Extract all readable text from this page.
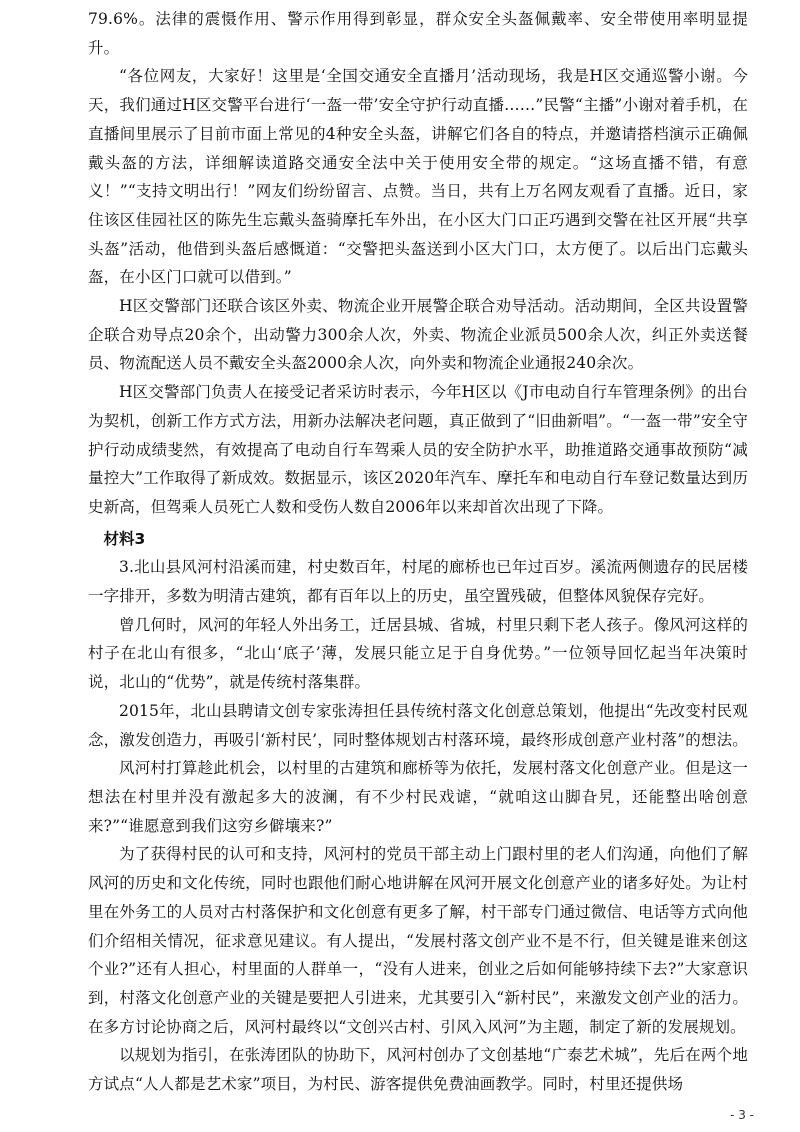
79.6%。法律的震慑作用、警示作用得到彰显，群众安全头盔佩戴率、安全带使用率明显提升。

“各位网友，大家好！这里是‘全国交通安全直播月’活动现场，我是H区交通巡警小谢。今天，我们通过H区交警平台进行‘一盔一带’安全守护行动直播……”民警“主播”小谢对着手机，在直播间里展示了目前市面上常见的4种安全头盔，讲解它们各自的特点，并邀请搭档演示正确佩戴头盔的方法，详细解读道路交通安全法中关于使用安全带的规定。“这场直播不错，有意义！”“支持文明出行！”网友们纷纷留言、点赞。当日，共有上万名网友观看了直播。近日，家住该区佳园社区的陈先生忘戴头盔骑摩托车外出，在小区大门口正巧遇到交警在社区开展“共享头盔”活动，他借到头盔后感慨道：“交警把头盔送到小区大门口，太方便了。以后出门忘戴头盔，在小区门口就可以借到。”

H区交警部门还联合该区外卖、物流企业开展警企联合劝导活动。活动期间，全区共设置警企联合劝导点20余个，出动警力300余人次，外卖、物流企业派员500余人次，纠正外卖送餐员、物流配送人员不戴安全头盔2000余人次，向外卖和物流企业通报240余次。

H区交警部门负责人在接受记者采访时表示，今年H区以《J市电动自行车管理条例》的出台为契机，创新工作方式方法，用新办法解决老问题，真正做到了“旧曲新唱”。“一盔一带”安全守护行动成绩斐然，有效提高了电动自行车驾乘人员的安全防护水平，助推道路交通事故预防“减量控大”工作取得了新成效。数据显示，该区2020年汽车、摩托车和电动自行车登记数量达到历史新高，但驾乘人员死亡人数和受伤人数自2006年以来却首次出现了下降。

材料3

3.北山县风河村沿溪而建，村史数百年，村尾的廊桥也已年过百岁。溪流两侧遗存的民居楼一字排开，多数为明清古建筑，都有百年以上的历史，虽空置残破，但整体风貌保存完好。

曾几何时，风河的年轻人外出务工，迁居县城、省城，村里只剩下老人孩子。像风河这样的村子在北山有很多，“北山‘底子’薄，发展只能立足于自身优势。”一位领导回忆起当年决策时说，北山的“优势”，就是传统村落集群。

2015年，北山县聘请文创专家张涛担任县传统村落文化创意总策划，他提出“先改变村民观念，激发创造力，再吸引‘新村民’，同时整体规划古村落环境，最终形成创意产业村落”的想法。

风河村打算趁此机会，以村里的古建筑和廊桥等为依托，发展村落文化创意产业。但是这一想法在村里并没有激起多大的波澜，有不少村民戏谑，“就咱这山脚旮旯，还能整出啥创意来?”“谁愿意到我们这穷乡僻壤来?”

为了获得村民的认可和支持，风河村的党员干部主动上门跟村里的老人们沟通，向他们了解风河的历史和文化传统，同时也跟他们耐心地讲解在风河开展文化创意产业的诸多好处。为让村里在外务工的人员对古村落保护和文化创意有更多了解，村干部专门通过微信、电话等方式向他们介绍相关情况，征求意见建议。有人提出，“发展村落文创产业不是不行，但关键是谁来创这个业?”还有人担心，村里面的人群单一，“没有人进来，创业之后如何能够持续下去?”大家意识到，村落文化创意产业的关键是要把人引进来，尤其要引入“新村民”，来激发文创产业的活力。在多方讨论协商之后，风河村最终以“文创兴古村、引风入风河”为主题，制定了新的发展规划。

以规划为指引，在张涛团队的协助下，风河村创办了文创基地“广泰艺术城”，先后在两个地方试点“人人都是艺术家”项目，为村民、游客提供免费油画教学。同时，村里还提供场

- 3 -
